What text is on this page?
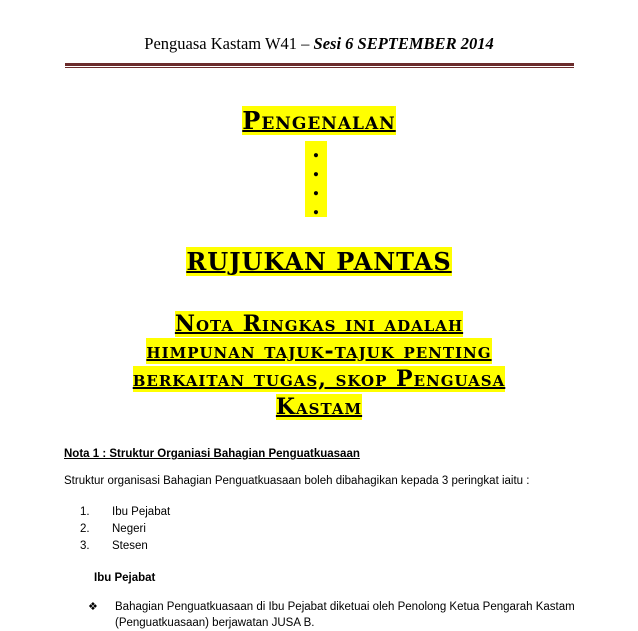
Penguasa Kastam W41 – Sesi 6 SEPTEMBER 2014
Pengenalan
.
.
.
.
RUJUKAN PANTAS
Nota Ringkas ini adalah
himpunan tajuk-tajuk penting
berkaitan tugas, skop Penguasa
Kastam
Nota 1 : Struktur Organiasi Bahagian Penguatkuasaan
Struktur organisasi Bahagian Penguatkuasaan boleh dibahagikan kepada 3 peringkat iaitu :
1.	Ibu Pejabat
2.	Negeri
3.	Stesen
Ibu Pejabat
❖	Bahagian Penguatkuasaan di Ibu Pejabat diketuai oleh Penolong Ketua Pengarah Kastam
(Penguatkuasaan) berjawatan JUSA B.
